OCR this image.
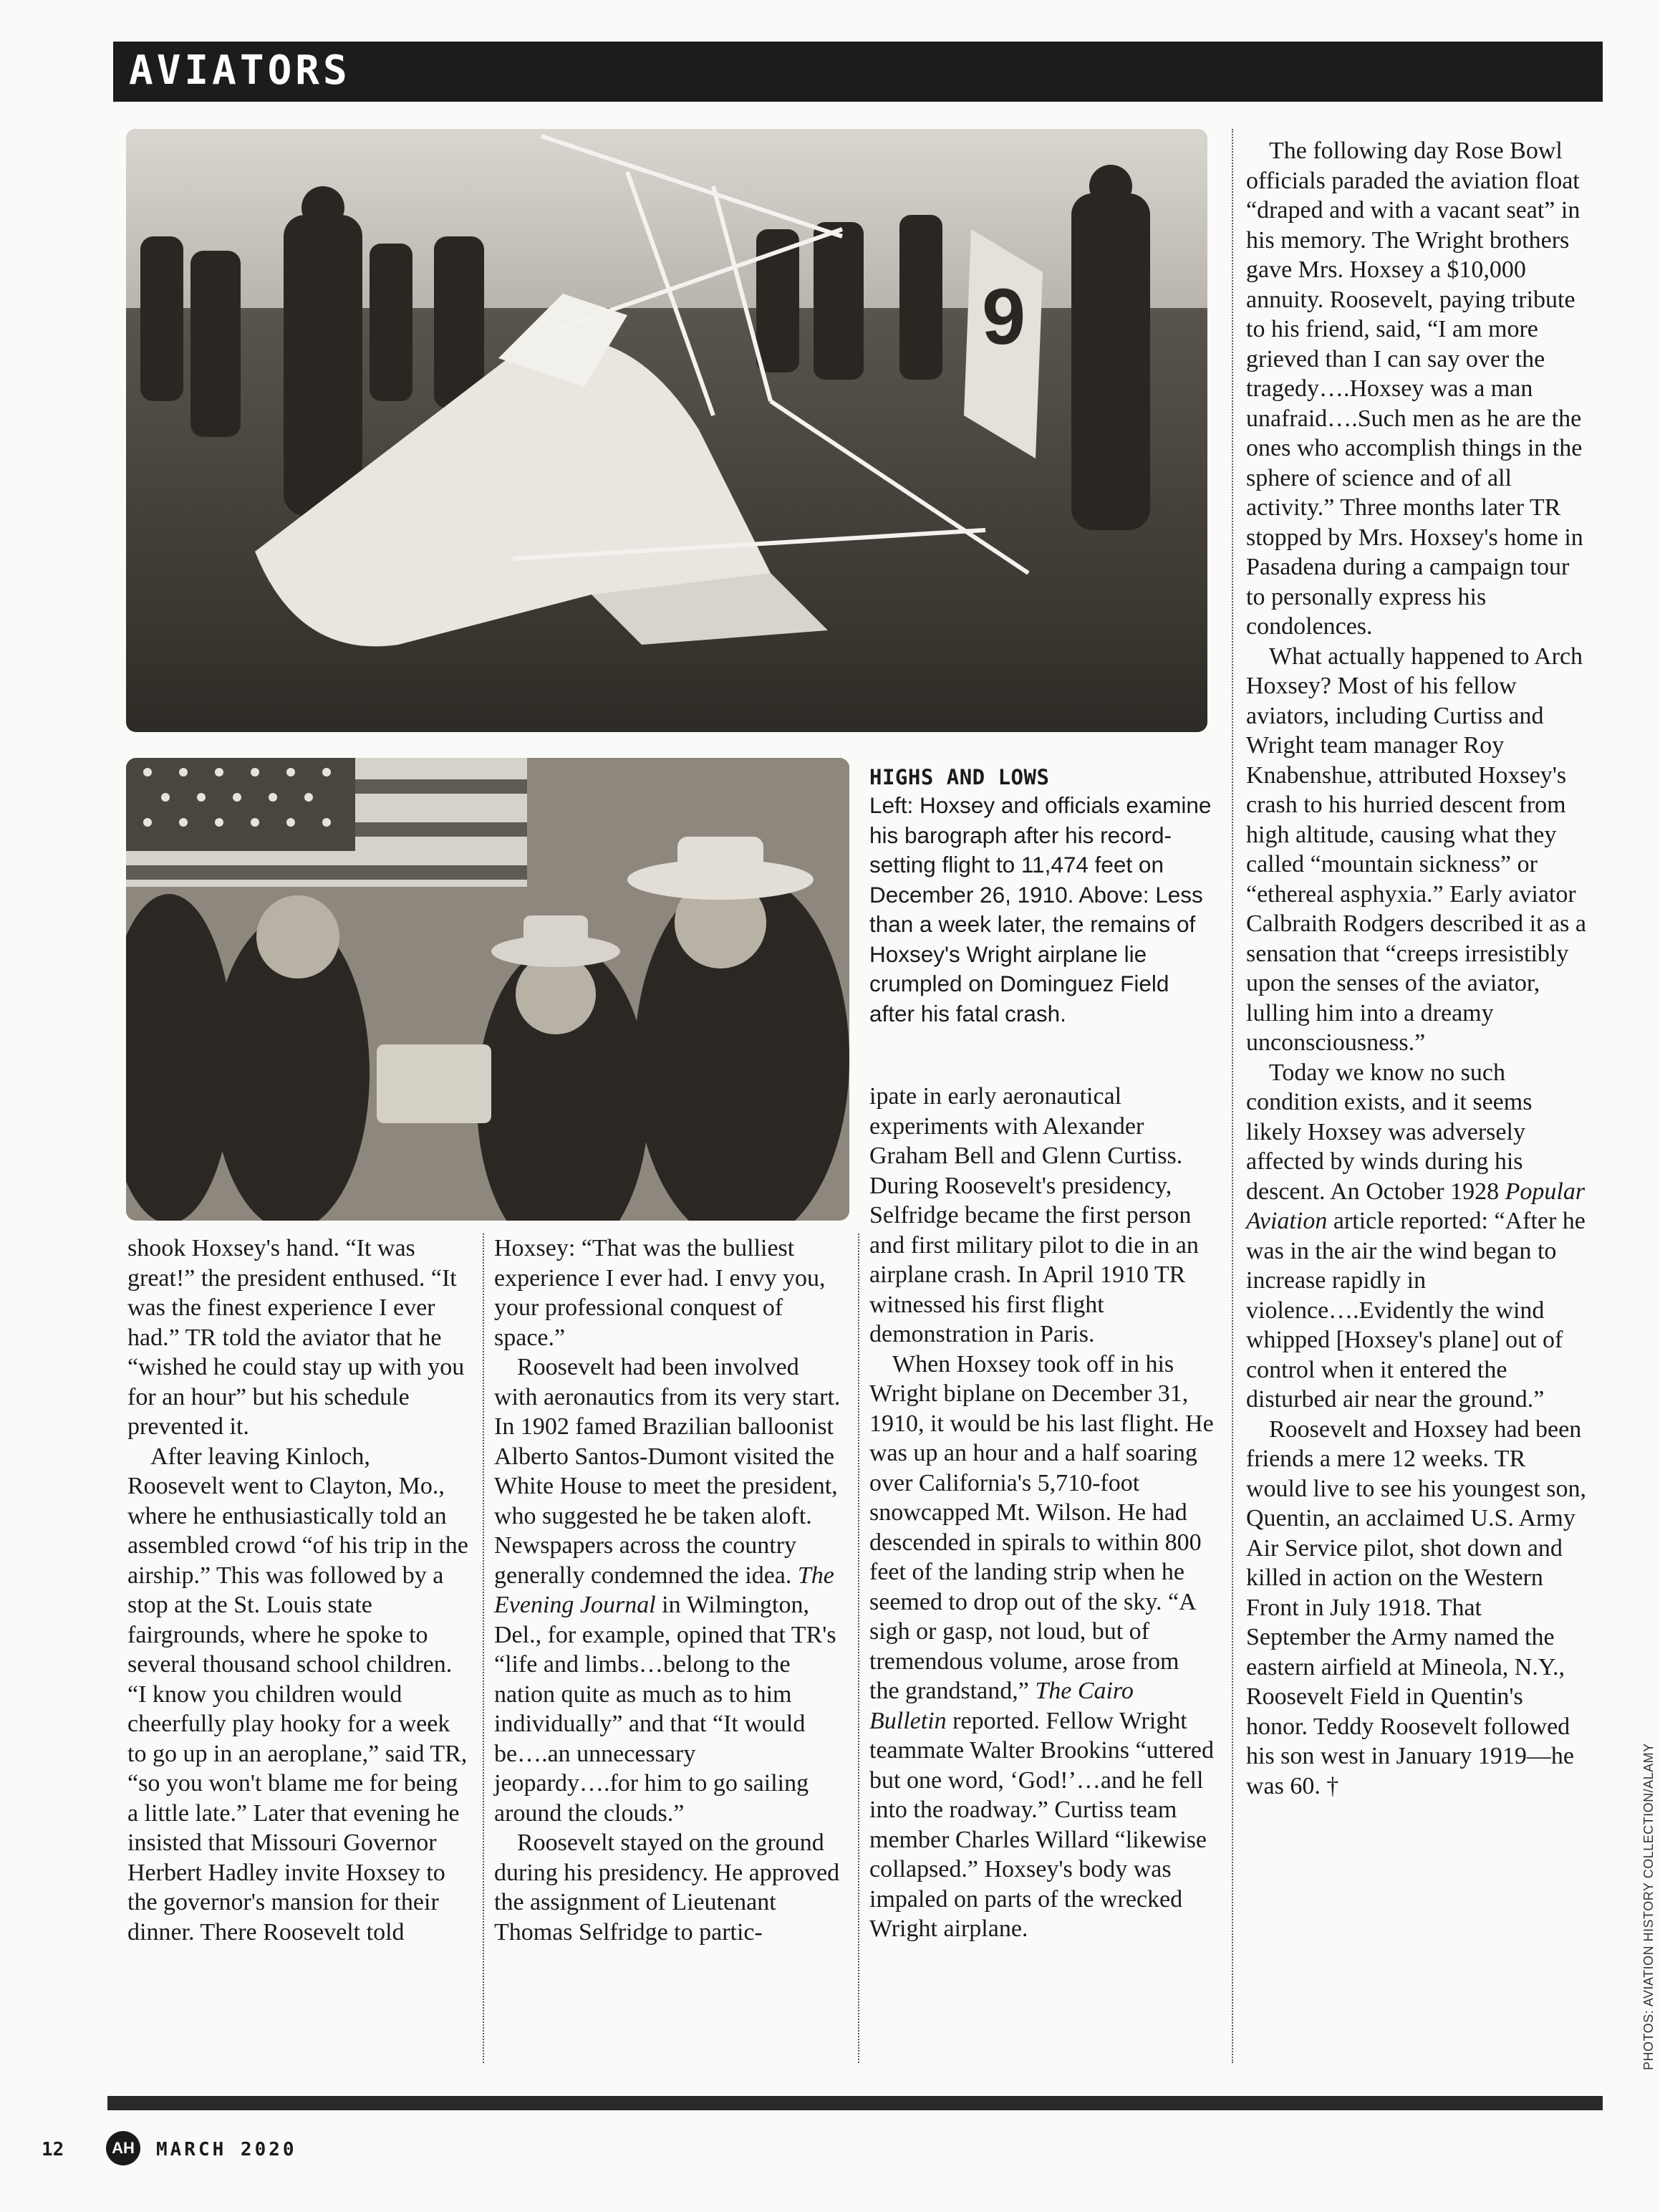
AVIATORS
9

shook Hoxsey's hand. “It was great!” the president enthused. “It was the finest experience I ever had.” TR told the aviator that he “wished he could stay up with you for an hour” but his schedule prevented it.

After leaving Kinloch, Roosevelt went to Clayton, Mo., where he enthusiastically told an assembled crowd “of his trip in the airship.” This was followed by a stop at the St. Louis state fairgrounds, where he spoke to several thousand school children. “I know you children would cheerfully play hooky for a week to go up in an aeroplane,” said TR, “so you won't blame me for being a little late.” Later that evening he insisted that Missouri Governor Herbert Hadley invite Hoxsey to the governor's mansion for their dinner. There Roosevelt told

Hoxsey: “That was the bulliest experience I ever had. I envy you, your professional conquest of space.”

Roosevelt had been involved with aeronautics from its very start. In 1902 famed Brazilian balloonist Alberto Santos-Dumont visited the White House to meet the president, who suggested he be taken aloft. Newspapers across the country generally condemned the idea. The Evening Journal in Wilmington, Del., for example, opined that TR's “life and limbs…belong to the nation quite as much as to him individually” and that “It would be….an unnecessary jeopardy….for him to go sailing around the clouds.”

Roosevelt stayed on the ground during his presidency. He approved the assignment of Lieutenant Thomas Selfridge to partic-

HIGHS AND LOWS
Left: Hoxsey and officials examine his barograph after his record-setting flight to 11,474 feet on December 26, 1910. Above: Less than a week later, the remains of Hoxsey's Wright airplane lie crumpled on Dominguez Field after his fatal crash.

ipate in early aeronautical experiments with Alexander Graham Bell and Glenn Curtiss. During Roosevelt's presidency, Selfridge became the first person and first military pilot to die in an airplane crash. In April 1910 TR witnessed his first flight demonstration in Paris.

When Hoxsey took off in his Wright biplane on December 31, 1910, it would be his last flight. He was up an hour and a half soaring over California's 5,710-foot snowcapped Mt. Wilson. He had descended in spirals to within 800 feet of the landing strip when he seemed to drop out of the sky. “A sigh or gasp, not loud, but of tremendous volume, arose from the grandstand,” The Cairo Bulletin reported. Fellow Wright teammate Walter Brookins “uttered but one word, ‘God!’…and he fell into the roadway.” Curtiss team member Charles Willard “likewise collapsed.” Hoxsey's body was impaled on parts of the wrecked Wright airplane.

The following day Rose Bowl officials paraded the aviation float “draped and with a vacant seat” in his memory. The Wright brothers gave Mrs. Hoxsey a $10,000 annuity. Roosevelt, paying tribute to his friend, said, “I am more grieved than I can say over the tragedy….Hoxsey was a man unafraid….Such men as he are the ones who accomplish things in the sphere of science and of all activity.” Three months later TR stopped by Mrs. Hoxsey's home in Pasadena during a campaign tour to personally express his condolences.

What actually happened to Arch Hoxsey? Most of his fellow aviators, including Curtiss and Wright team manager Roy Knabenshue, attributed Hoxsey's crash to his hurried descent from high altitude, causing what they called “mountain sickness” or “ethereal asphyxia.” Early aviator Calbraith Rodgers described it as a sensation that “creeps irresistibly upon the senses of the aviator, lulling him into a dreamy unconsciousness.”

Today we know no such condition exists, and it seems likely Hoxsey was adversely affected by winds during his descent. An October 1928 Popular Aviation article reported: “After he was in the air the wind began to increase rapidly in violence….Evidently the wind whipped [Hoxsey's plane] out of control when it entered the disturbed air near the ground.”

Roosevelt and Hoxsey had been friends a mere 12 weeks. TR would live to see his youngest son, Quentin, an acclaimed U.S. Army Air Service pilot, shot down and killed in action on the Western Front in July 1918. That September the Army named the eastern airfield at Mineola, N.Y., Roosevelt Field in Quentin's honor. Teddy Roosevelt followed his son west in January 1919—he was 60. †	PHOTOS: AVIATION HISTORY COLLECTION/ALAMY
12	AH MARCH 2020
